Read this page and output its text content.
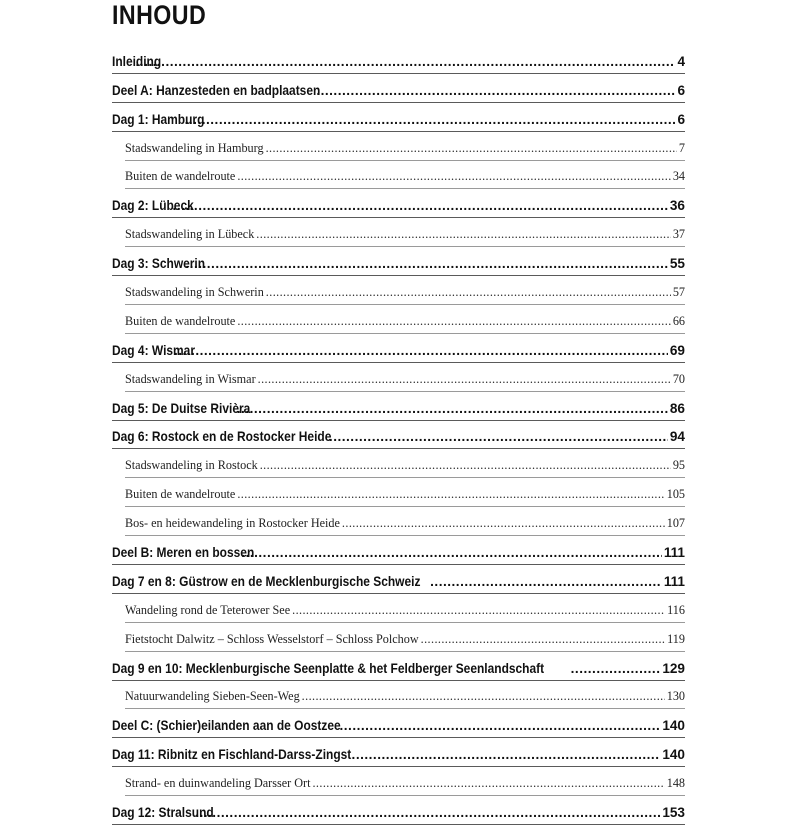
INHOUD
Inleiding .....	4
Deel A: Hanzesteden en badplaatsen .....	6
Dag 1: Hamburg .....	6
Stadswandeling in Hamburg .....	7
Buiten de wandelroute .....	34
Dag 2: Lübeck .....	36
Stadswandeling in Lübeck .....	37
Dag 3: Schwerin .....	55
Stadswandeling in Schwerin .....	57
Buiten de wandelroute .....	66
Dag 4: Wismar .....	69
Stadswandeling in Wismar .....	70
Dag 5: De Duitse Rivièra .....	86
Dag 6: Rostock en de Rostocker Heide .....	94
Stadswandeling in Rostock .....	95
Buiten de wandelroute .....	105
Bos- en heidewandeling in Rostocker Heide .....	107
Deel B: Meren en bossen .....	111
Dag 7 en 8: Güstrow en de Mecklenburgische Schweiz .....	111
Wandeling rond de Teterower See .....	116
Fietstocht Dalwitz – Schloss Wesselstorf – Schloss Polchow .....	119
Dag 9 en 10: Mecklenburgische Seenplatte & het Feldberger Seenlandschaft .....	129
Natuurwandeling Sieben-Seen-Weg .....	130
Deel C: (Schier)eilanden aan de Oostzee .....	140
Dag 11: Ribnitz en Fischland-Darss-Zingst .....	140
Strand- en duinwandeling Darsser Ort .....	148
Dag 12: Stralsund .....	153
